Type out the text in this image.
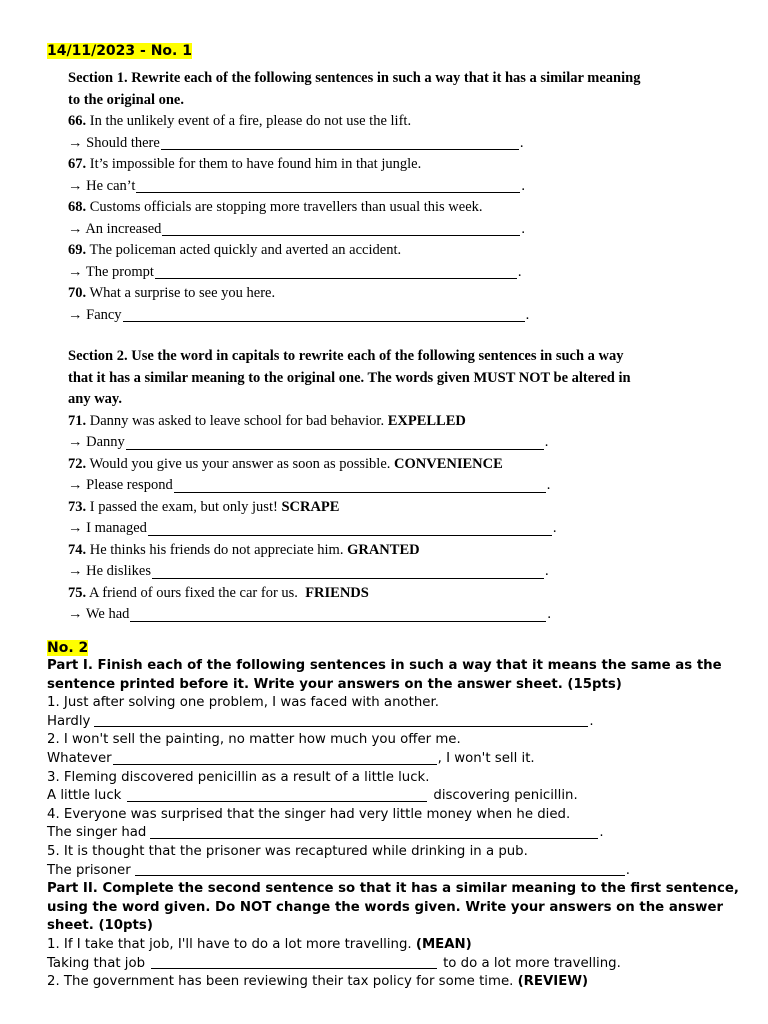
14/11/2023 - No. 1
Section 1. Rewrite each of the following sentences in such a way that it has a similar meaning
to the original one.
66. In the unlikely event of a fire, please do not use the lift.
→ Should there	.
67. It’s impossible for them to have found him in that jungle.
→ He can’t	.
68. Customs officials are stopping more travellers than usual this week.
→ An increased	.
69. The policeman acted quickly and averted an accident.
→ The prompt	.
70. What a surprise to see you here.
→ Fancy	.
Section 2. Use the word in capitals to rewrite each of the following sentences in such a way
that it has a similar meaning to the original one. The words given MUST NOT be altered in
any way.
71. Danny was asked to leave school for bad behavior. EXPELLED
→ Danny	.
72. Would you give us your answer as soon as possible. CONVENIENCE
→ Please respond	.
73. I passed the exam, but only just! SCRAPE
→ I managed	.
74. He thinks his friends do not appreciate him. GRANTED
→ He dislikes	.
75. A friend of ours fixed the car for us. FRIENDS
→ We had	.
No. 2
Part I. Finish each of the following sentences in such a way that it means the same as the
sentence printed before it. Write your answers on the answer sheet. (15pts)
1. Just after solving one problem, I was faced with another.
Hardly	.
2. I won't sell the painting, no matter how much you offer me.
Whatever	, I won't sell it.
3. Fleming discovered penicillin as a result of a little luck.
A little luck	discovering penicillin.
4. Everyone was surprised that the singer had very little money when he died.
The singer had	.
5. It is thought that the prisoner was recaptured while drinking in a pub.
The prisoner	.
Part II. Complete the second sentence so that it has a similar meaning to the first sentence,
using the word given. Do NOT change the words given. Write your answers on the answer
sheet. (10pts)
1. If I take that job, I'll have to do a lot more travelling. (MEAN)
Taking that job	to do a lot more travelling.
2. The government has been reviewing their tax policy for some time. (REVIEW)
